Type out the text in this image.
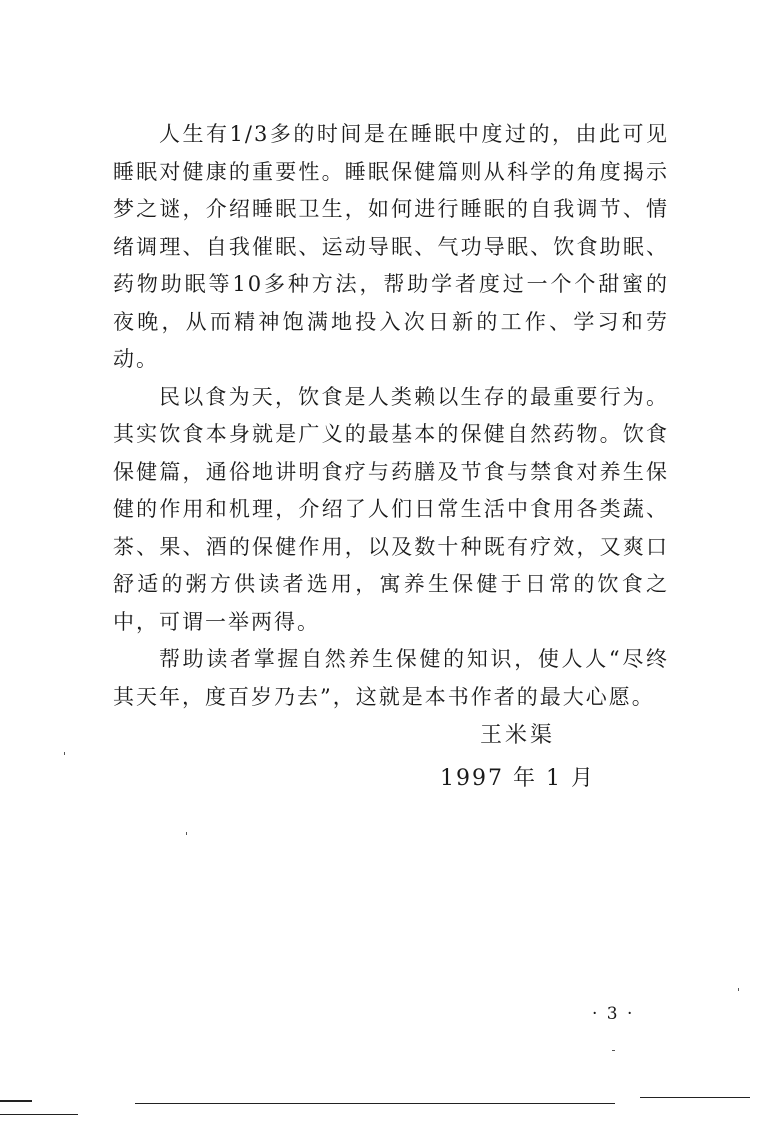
人生有1/3多的时间是在睡眠中度过的，由此可见睡眠对健康的重要性。睡眠保健篇则从科学的角度揭示梦之谜，介绍睡眠卫生，如何进行睡眠的自我调节、情绪调理、自我催眠、运动导眠、气功导眠、饮食助眠、药物助眠等10多种方法，帮助学者度过一个个甜蜜的夜晚，从而精神饱满地投入次日新的工作、学习和劳动。

民以食为天，饮食是人类赖以生存的最重要行为。其实饮食本身就是广义的最基本的保健自然药物。饮食保健篇，通俗地讲明食疗与药膳及节食与禁食对养生保健的作用和机理，介绍了人们日常生活中食用各类蔬、茶、果、酒的保健作用，以及数十种既有疗效，又爽口舒适的粥方供读者选用，寓养生保健于日常的饮食之中，可谓一举两得。

帮助读者掌握自然养生保健的知识，使人人“尽终其天年，度百岁乃去”，这就是本书作者的最大心愿。

王米渠
1997 年 1 月
· 3 ·
